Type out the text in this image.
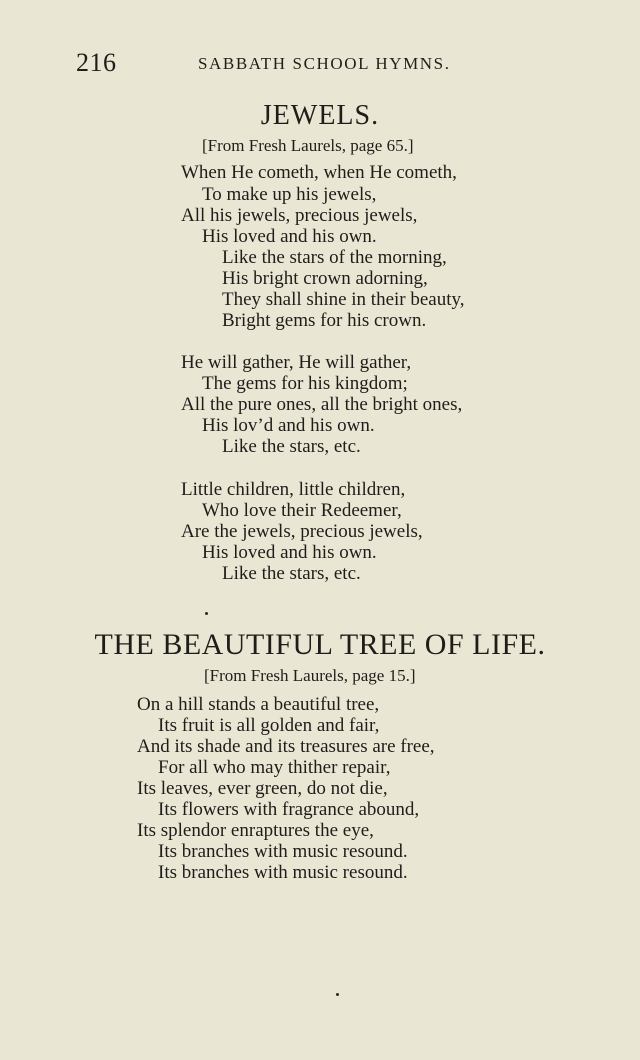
216	SABBATH SCHOOL HYMNS.
JEWELS.
[From Fresh Laurels, page 65.]
When He cometh, when He cometh,
To make up his jewels,
All his jewels, precious jewels,
His loved and his own.
Like the stars of the morning,
His bright crown adorning,
They shall shine in their beauty,
Bright gems for his crown.
He will gather, He will gather,
The gems for his kingdom;
All the pure ones, all the bright ones,
His lov’d and his own.
Like the stars, etc.
Little children, little children,
Who love their Redeemer,
Are the jewels, precious jewels,
His loved and his own.
Like the stars, etc.
THE BEAUTIFUL TREE OF LIFE.
[From Fresh Laurels, page 15.]
On a hill stands a beautiful tree,
Its fruit is all golden and fair,
And its shade and its treasures are free,
For all who may thither repair,
Its leaves, ever green, do not die,
Its flowers with fragrance abound,
Its splendor enraptures the eye,
Its branches with music resound.
Its branches with music resound.
